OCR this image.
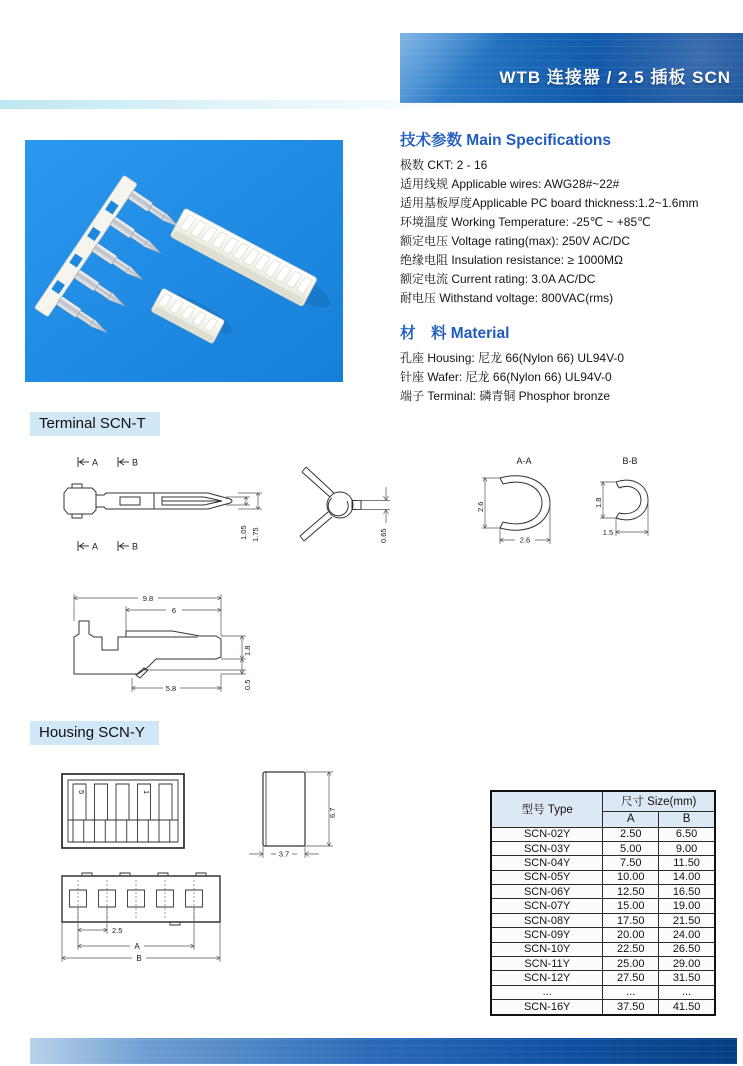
WTB 连接器 / 2.5 插板 SCN
技术参数 Main Specifications
极数 CKT: 2 - 16
适用线规 Applicable wires: AWG28#~22#
适用基板厚度Applicable PC board thickness:1.2~1.6mm
环境温度 Working Temperature: -25℃ ~ +85℃
额定电压 Voltage rating(max): 250V AC/DC
绝缘电阻 Insulation resistance: ≥ 1000MΩ
额定电流 Current rating: 3.0A AC/DC
耐电压 Withstand voltage: 800VAC(rms)
材　料 Material
孔座 Housing: 尼龙 66(Nylon 66) UL94V-0
针座 Wafer: 尼龙 66(Nylon 66) UL94V-0
端子 Terminal: 磷青铜 Phosphor bronze
Terminal SCN-T
A	B
A	B
1.05 1.75	0.65
A-A
2.6
2.6
B-B
1.8
1.5
9.8
6
1.8
0.5
5.8
Housing SCN-Y
5	1
6.7
3.7
2.5
A
B
型号 Type	尺寸 Size(mm)	
	A	B
SCN-02Y	2.50	6.50
SCN-03Y	5.00	9.00
SCN-04Y	7.50	11.50
SCN-05Y	10.00	14.00
SCN-06Y	12.50	16.50
SCN-07Y	15.00	19.00
SCN-08Y	17.50	21.50
SCN-09Y	20.00	24.00
SCN-10Y	22.50	26.50
SCN-11Y	25.00	29.00
SCN-12Y	27.50	31.50
...	...	...
SCN-16Y	37.50	41.50
